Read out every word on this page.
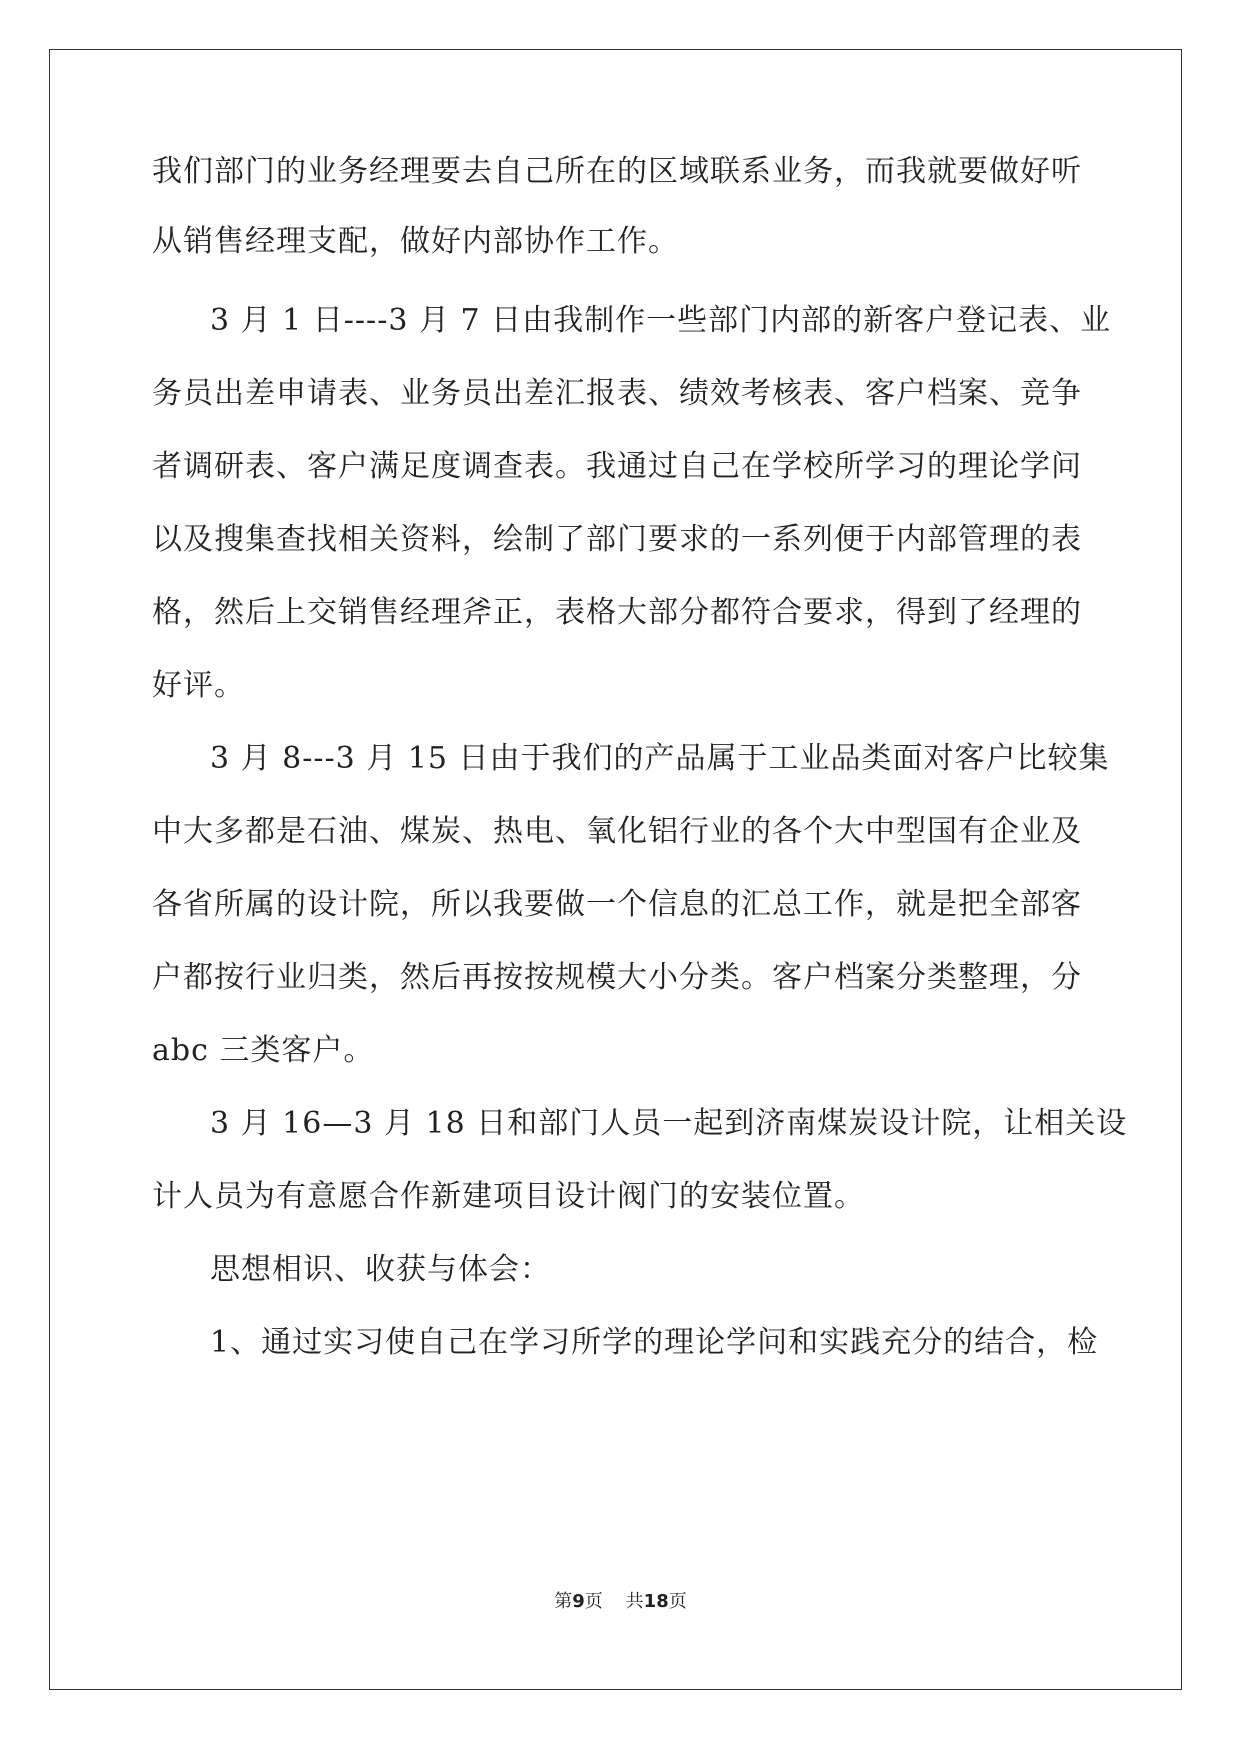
我们部门的业务经理要去自己所在的区域联系业务，而我就要做好听
从销售经理支配，做好内部协作工作。
3 月 1 日----3 月 7 日由我制作一些部门内部的新客户登记表、业
务员出差申请表、业务员出差汇报表、绩效考核表、客户档案、竞争
者调研表、客户满足度调查表。我通过自己在学校所学习的理论学问
以及搜集查找相关资料，绘制了部门要求的一系列便于内部管理的表
格，然后上交销售经理斧正，表格大部分都符合要求，得到了经理的
好评。
3 月 8---3 月 15 日由于我们的产品属于工业品类面对客户比较集
中大多都是石油、煤炭、热电、氧化铝行业的各个大中型国有企业及
各省所属的设计院，所以我要做一个信息的汇总工作，就是把全部客
户都按行业归类，然后再按按规模大小分类。客户档案分类整理，分
abc 三类客户。
3 月 16—3 月 18 日和部门人员一起到济南煤炭设计院，让相关设
计人员为有意愿合作新建项目设计阀门的安装位置。
思想相识、收获与体会：
1、通过实习使自己在学习所学的理论学问和实践充分的结合，检
第9页 共18页
